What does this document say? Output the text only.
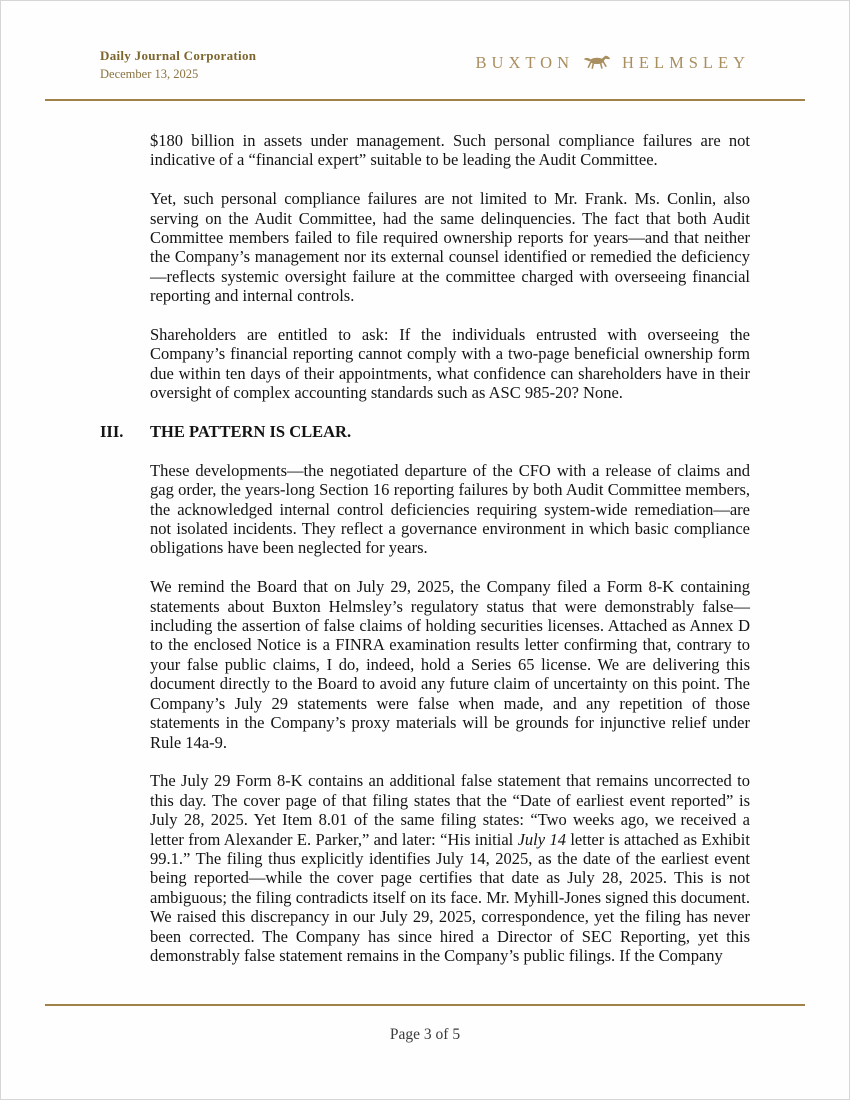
Daily Journal Corporation
December 13, 2025
BUXTON	HELMSLEY

$180 billion in assets under management. Such personal compliance failures are not indicative of a “financial expert” suitable to be leading the Audit Committee.

Yet, such personal compliance failures are not limited to Mr. Frank. Ms. Conlin, also serving on the Audit Committee, had the same delinquencies. The fact that both Audit Committee members failed to file required ownership reports for years—and that neither the Company’s management nor its external counsel identified or remedied the deficiency—reflects systemic oversight failure at the committee charged with overseeing financial reporting and internal controls.

Shareholders are entitled to ask: If the individuals entrusted with overseeing the Company’s financial reporting cannot comply with a two-page beneficial ownership form due within ten days of their appointments, what confidence can shareholders have in their oversight of complex accounting standards such as ASC 985-20? None.

III. THE PATTERN IS CLEAR.

These developments—the negotiated departure of the CFO with a release of claims and gag order, the years-long Section 16 reporting failures by both Audit Committee members, the acknowledged internal control deficiencies requiring system-wide remediation—are not isolated incidents. They reflect a governance environment in which basic compliance obligations have been neglected for years.

We remind the Board that on July 29, 2025, the Company filed a Form 8-K containing statements about Buxton Helmsley’s regulatory status that were demonstrably false—including the assertion of false claims of holding securities licenses. Attached as Annex D to the enclosed Notice is a FINRA examination results letter confirming that, contrary to your false public claims, I do, indeed, hold a Series 65 license. We are delivering this document directly to the Board to avoid any future claim of uncertainty on this point. The Company’s July 29 statements were false when made, and any repetition of those statements in the Company’s proxy materials will be grounds for injunctive relief under Rule 14a-9.

The July 29 Form 8-K contains an additional false statement that remains uncorrected to this day. The cover page of that filing states that the “Date of earliest event reported” is July 28, 2025. Yet Item 8.01 of the same filing states: “Two weeks ago, we received a letter from Alexander E. Parker,” and later: “His initial July 14 letter is attached as Exhibit 99.1.” The filing thus explicitly identifies July 14, 2025, as the date of the earliest event being reported—while the cover page certifies that date as July 28, 2025. This is not ambiguous; the filing contradicts itself on its face. Mr. Myhill-Jones signed this document. We raised this discrepancy in our July 29, 2025, correspondence, yet the filing has never been corrected. The Company has since hired a Director of SEC Reporting, yet this demonstrably false statement remains in the Company’s public filings. If the Company

Page 3 of 5
